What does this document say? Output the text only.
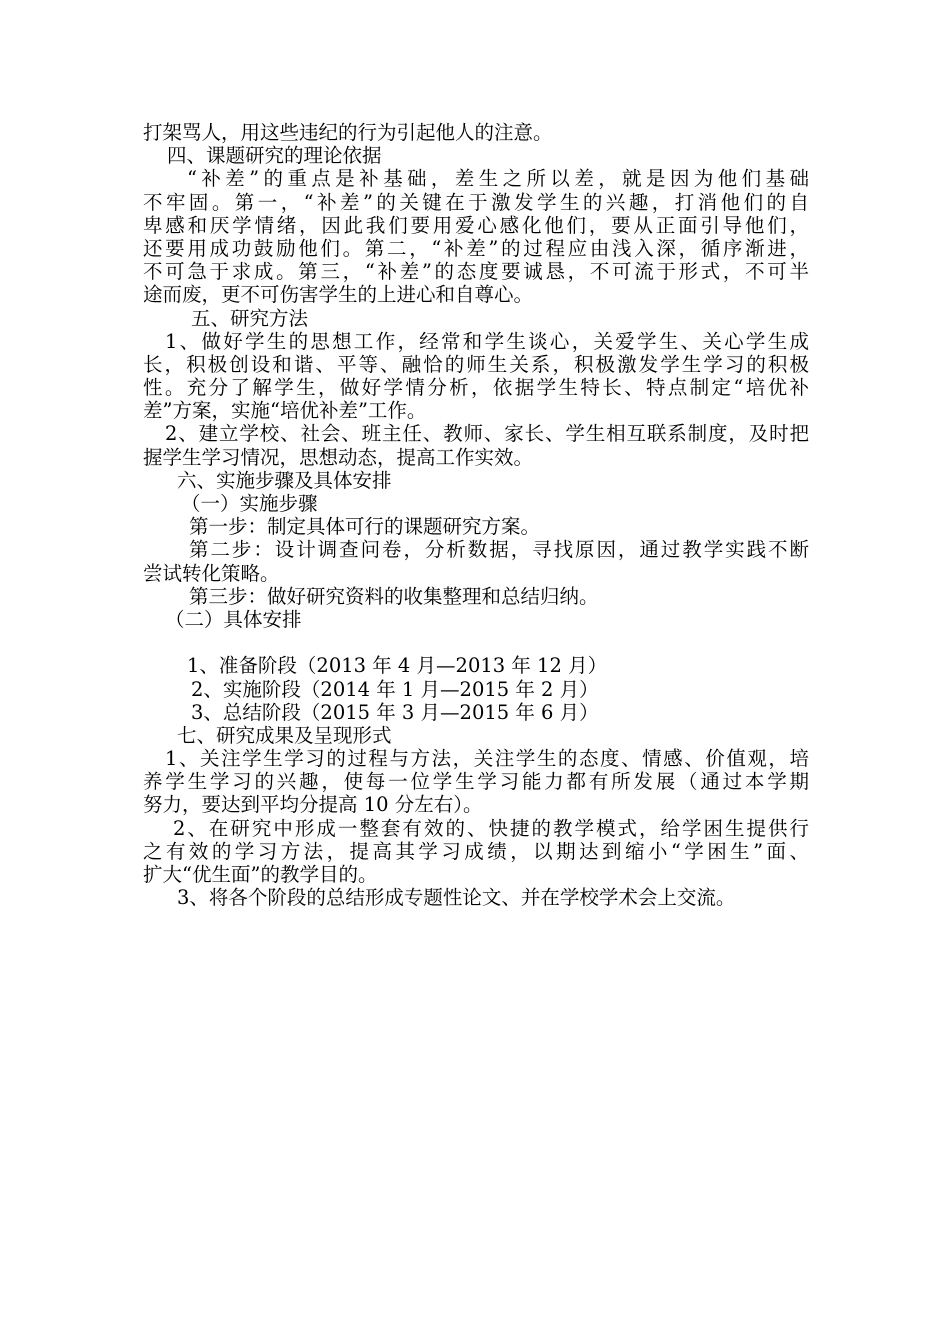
打架骂人，用这些违纪的行为引起他人的注意。
四、课题研究的理论依据
“补差”的重点是补基础，差生之所以差，就是因为他们基础
不牢固。第一，“补差”的关键在于激发学生的兴趣，打消他们的自
卑感和厌学情绪，因此我们要用爱心感化他们，要从正面引导他们，
还要用成功鼓励他们。第二，“补差”的过程应由浅入深，循序渐进，
不可急于求成。第三，“补差”的态度要诚恳，不可流于形式，不可半
途而废，更不可伤害学生的上进心和自尊心。
五、研究方法
1、做好学生的思想工作，经常和学生谈心，关爱学生、关心学生成
长，积极创设和谐、平等、融恰的师生关系，积极激发学生学习的积极
性。充分了解学生，做好学情分析，依据学生特长、特点制定“培优补
差”方案，实施“培优补差”工作。
2、建立学校、社会、班主任、教师、家长、学生相互联系制度，及时把
握学生学习情况，思想动态，提高工作实效。
六、实施步骤及具体安排
（一）实施步骤
第一步：制定具体可行的课题研究方案。
第二步：设计调查问卷，分析数据，寻找原因，通过教学实践不断
尝试转化策略。
第三步：做好研究资料的收集整理和总结归纳。
（二）具体安排
1、准备阶段（2013 年 4 月—2013 年 12 月）
2、实施阶段（2014 年 1 月—2015 年 2 月）
3、总结阶段（2015 年 3 月—2015 年 6 月）
七、研究成果及呈现形式
1、关注学生学习的过程与方法，关注学生的态度、情感、价值观，培
养学生学习的兴趣，使每一位学生学习能力都有所发展（通过本学期
努力，要达到平均分提高 10 分左右）。
2、在研究中形成一整套有效的、快捷的教学模式，给学困生提供行
之有效的学习方法，提高其学习成绩，以期达到缩小“学困生”面、
扩大“优生面”的教学目的。
3、将各个阶段的总结形成专题性论文、并在学校学术会上交流。
